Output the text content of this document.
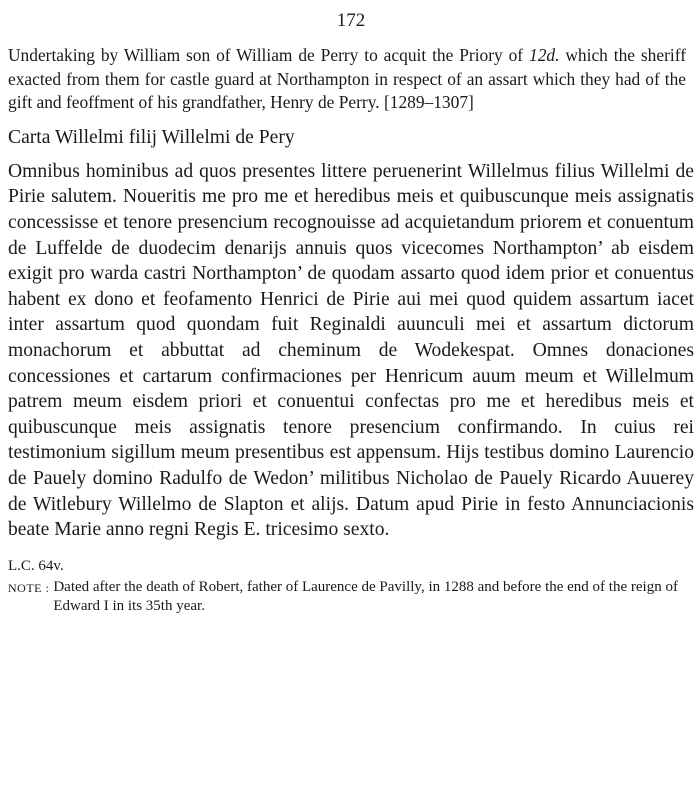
172

Undertaking by William son of William de Perry to acquit the Priory of 12d. which the sheriff exacted from them for castle guard at Northampton in respect of an assart which they had of the gift and feoffment of his grandfather, Henry de Perry. [1289–1307]

Carta Willelmi filij Willelmi de Pery

Omnibus hominibus ad quos presentes littere peruenerint Willelmus filius Willelmi de Pirie salutem. Noueritis me pro me et heredibus meis et quibuscunque meis assignatis concessisse et tenore presencium recognouisse ad acquietandum priorem et conuentum de Luffelde de duodecim denarijs annuis quos vicecomes Northampton’ ab eisdem exigit pro warda castri Northampton’ de quodam assarto quod idem prior et conuentus habent ex dono et feofamento Henrici de Pirie aui mei quod quidem assartum iacet inter assartum quod quondam fuit Reginaldi auunculi mei et assartum dictorum monachorum et abbuttat ad cheminum de Wodekespat. Omnes donaciones concessiones et cartarum confirmaciones per Henricum auum meum et Willelmum patrem meum eisdem priori et conuentui confectas pro me et heredibus meis et quibuscunque meis assignatis tenore presencium confirmando. In cuius rei testimonium sigillum meum presentibus est appensum. Hijs testibus domino Laurencio de Pauely domino Radulfo de Wedon’ militibus Nicholao de Pauely Ricardo Auuerey de Witlebury Willelmo de Slapton et alijs. Datum apud Pirie in festo Annunciacionis beate Marie anno regni Regis E. tricesimo sexto.

L.C. 64v.
NOTE : Dated after the death of Robert, father of Laurence de Pavilly, in 1288 and before the end of the reign of Edward I in its 35th year.
